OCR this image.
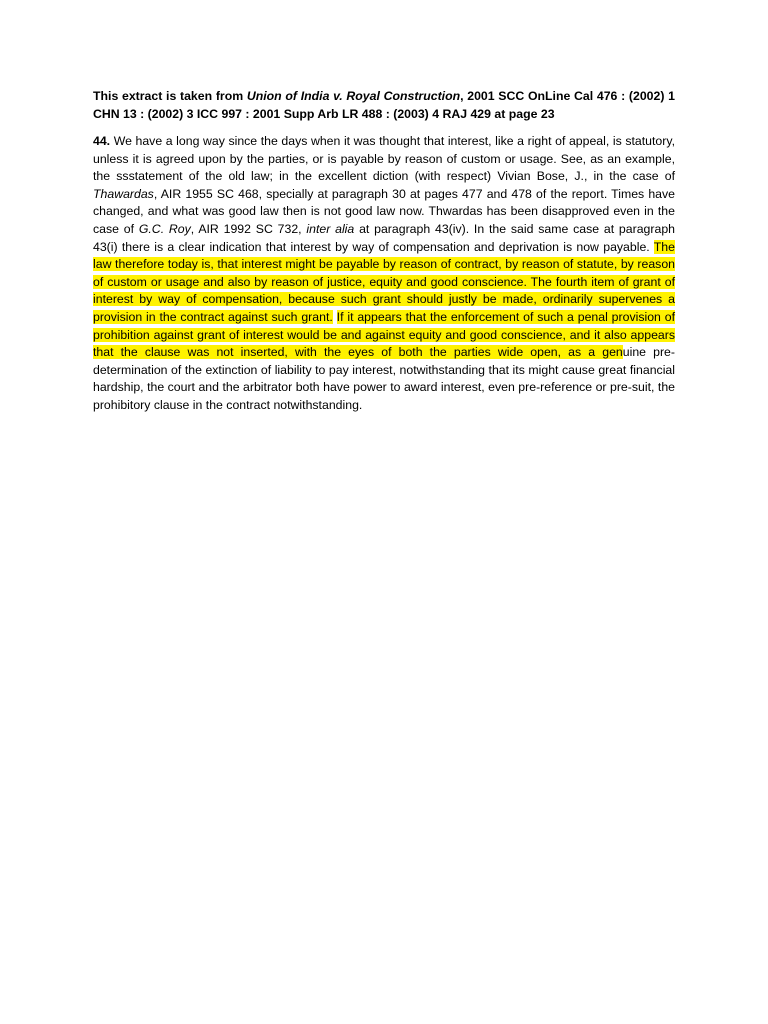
This extract is taken from Union of India v. Royal Construction, 2001 SCC OnLine Cal 476 : (2002) 1 CHN 13 : (2002) 3 ICC 997 : 2001 Supp Arb LR 488 : (2003) 4 RAJ 429 at page 23

44. We have a long way since the days when it was thought that interest, like a right of appeal, is statutory, unless it is agreed upon by the parties, or is payable by reason of custom or usage. See, as an example, the ssstatement of the old law; in the excellent diction (with respect) Vivian Bose, J., in the case of Thawardas, AIR 1955 SC 468, specially at paragraph 30 at pages 477 and 478 of the report. Times have changed, and what was good law then is not good law now. Thwardas has been disapproved even in the case of G.C. Roy, AIR 1992 SC 732, inter alia at paragraph 43(iv). In the said same case at paragraph 43(i) there is a clear indication that interest by way of compensation and deprivation is now payable. The law therefore today is, that interest might be payable by reason of contract, by reason of statute, by reason of custom or usage and also by reason of justice, equity and good conscience. The fourth item of grant of interest by way of compensation, because such grant should justly be made, ordinarily supervenes a provision in the contract against such grant. If it appears that the enforcement of such a penal provision of prohibition against grant of interest would be and against equity and good conscience, and it also appears that the clause was not inserted, with the eyes of both the parties wide open, as a genuine pre-determination of the extinction of liability to pay interest, notwithstanding that its might cause great financial hardship, the court and the arbitrator both have power to award interest, even pre-reference or pre-suit, the prohibitory clause in the contract notwithstanding.
